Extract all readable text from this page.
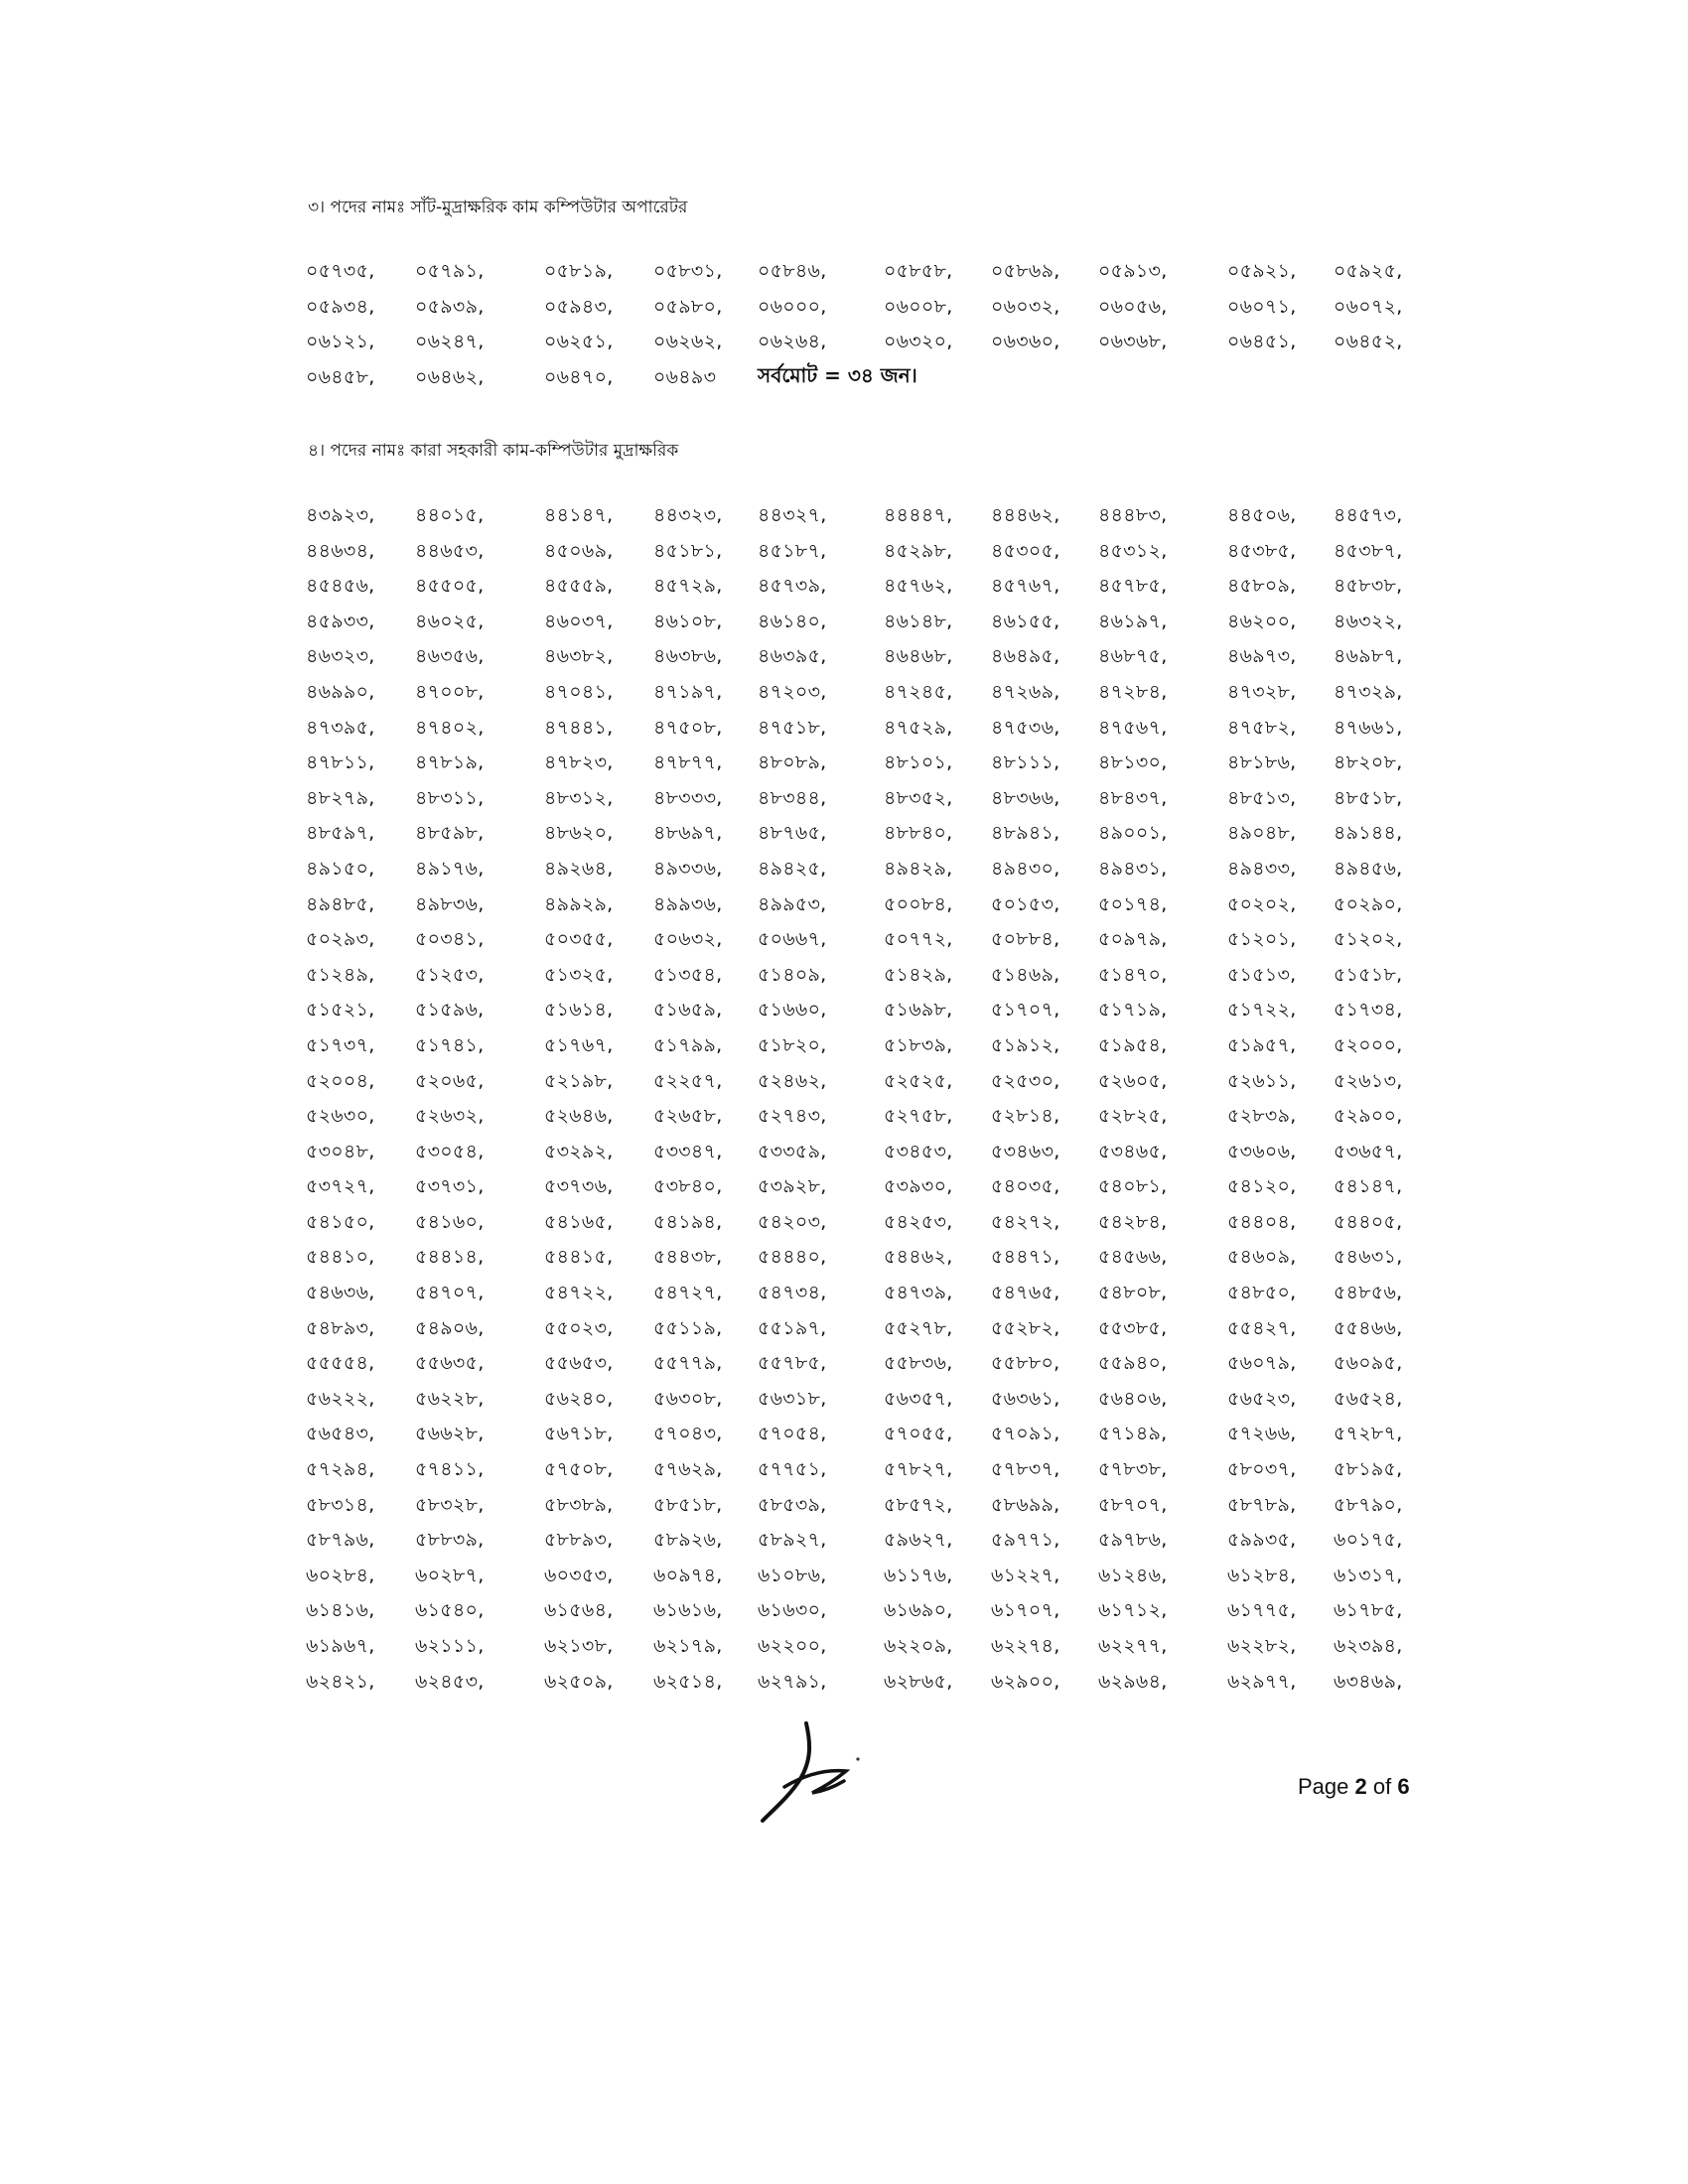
৩। পদের নামঃ সাঁট-মুদ্রাক্ষরিক কাম কম্পিউটার অপারেটর
০৫৭৩৫, ০৫৭৯১,	০৫৮১৯, ০৫৮৩১, ০৫৮৪৬,	০৫৮৫৮, ০৫৮৬৯, ০৫৯১৩,	০৫৯২১, ০৫৯২৫,
০৫৯৩৪, ০৫৯৩৯,	০৫৯৪৩, ০৫৯৮০, ০৬০০০,	০৬০০৮, ০৬০৩২, ০৬০৫৬,	০৬০৭১, ০৬০৭২,
০৬১২১, ০৬২৪৭,	০৬২৫১, ০৬২৬২, ০৬২৬৪,	০৬৩২০, ০৬৩৬০, ০৬৩৬৮,	০৬৪৫১, ০৬৪৫২,
০৬৪৫৮, ০৬৪৬২,	০৬৪৭০, ০৬৪৯৩ সর্বমোট = ৩৪ জন।
৪। পদের নামঃ কারা সহকারী কাম-কম্পিউটার মুদ্রাক্ষরিক
৪৩৯২৩, ৪৪০১৫,	৪৪১৪৭, ৪৪৩২৩, ৪৪৩২৭,	৪৪৪৪৭, ৪৪৪৬২, ৪৪৪৮৩,	৪৪৫০৬, ৪৪৫৭৩,
৪৪৬৩৪, ৪৪৬৫৩,	৪৫০৬৯, ৪৫১৮১, ৪৫১৮৭,	৪৫২৯৮, ৪৫৩০৫, ৪৫৩১২,	৪৫৩৮৫, ৪৫৩৮৭,
৪৫৪৫৬, ৪৫৫০৫,	৪৫৫৫৯, ৪৫৭২৯, ৪৫৭৩৯,	৪৫৭৬২, ৪৫৭৬৭, ৪৫৭৮৫,	৪৫৮০৯, ৪৫৮৩৮,
৪৫৯৩৩, ৪৬০২৫,	৪৬০৩৭, ৪৬১০৮, ৪৬১৪০,	৪৬১৪৮, ৪৬১৫৫, ৪৬১৯৭,	৪৬২০০, ৪৬৩২২,
৪৬৩২৩, ৪৬৩৫৬,	৪৬৩৮২, ৪৬৩৮৬, ৪৬৩৯৫,	৪৬৪৬৮, ৪৬৪৯৫, ৪৬৮৭৫,	৪৬৯৭৩, ৪৬৯৮৭,
৪৬৯৯০, ৪৭০০৮,	৪৭০৪১, ৪৭১৯৭, ৪৭২০৩,	৪৭২৪৫, ৪৭২৬৯, ৪৭২৮৪,	৪৭৩২৮, ৪৭৩২৯,
৪৭৩৯৫, ৪৭৪০২,	৪৭৪৪১, ৪৭৫০৮, ৪৭৫১৮,	৪৭৫২৯, ৪৭৫৩৬, ৪৭৫৬৭,	৪৭৫৮২, ৪৭৬৬১,
৪৭৮১১, ৪৭৮১৯,	৪৭৮২৩, ৪৭৮৭৭, ৪৮০৮৯,	৪৮১০১, ৪৮১১১, ৪৮১৩০,	৪৮১৮৬, ৪৮২০৮,
৪৮২৭৯, ৪৮৩১১,	৪৮৩১২, ৪৮৩৩৩, ৪৮৩৪৪,	৪৮৩৫২, ৪৮৩৬৬, ৪৮৪৩৭,	৪৮৫১৩, ৪৮৫১৮,
৪৮৫৯৭, ৪৮৫৯৮,	৪৮৬২০, ৪৮৬৯৭, ৪৮৭৬৫,	৪৮৮৪০, ৪৮৯৪১, ৪৯০০১,	৪৯০৪৮, ৪৯১৪৪,
৪৯১৫০, ৪৯১৭৬,	৪৯২৬৪, ৪৯৩৩৬, ৪৯৪২৫,	৪৯৪২৯, ৪৯৪৩০, ৪৯৪৩১,	৪৯৪৩৩, ৪৯৪৫৬,
৪৯৪৮৫, ৪৯৮৩৬,	৪৯৯২৯, ৪৯৯৩৬, ৪৯৯৫৩,	৫০০৮৪, ৫০১৫৩, ৫০১৭৪,	৫০২০২, ৫০২৯০,
৫০২৯৩, ৫০৩৪১,	৫০৩৫৫, ৫০৬৩২, ৫০৬৬৭,	৫০৭৭২, ৫০৮৮৪, ৫০৯৭৯,	৫১২০১, ৫১২০২,
৫১২৪৯, ৫১২৫৩,	৫১৩২৫, ৫১৩৫৪, ৫১৪০৯,	৫১৪২৯, ৫১৪৬৯, ৫১৪৭০,	৫১৫১৩, ৫১৫১৮,
৫১৫২১, ৫১৫৯৬,	৫১৬১৪, ৫১৬৫৯, ৫১৬৬০,	৫১৬৯৮, ৫১৭০৭, ৫১৭১৯,	৫১৭২২, ৫১৭৩৪,
৫১৭৩৭, ৫১৭৪১,	৫১৭৬৭, ৫১৭৯৯, ৫১৮২০,	৫১৮৩৯, ৫১৯১২, ৫১৯৫৪,	৫১৯৫৭, ৫২০০০,
৫২০০৪, ৫২০৬৫,	৫২১৯৮, ৫২২৫৭, ৫২৪৬২,	৫২৫২৫, ৫২৫৩০, ৫২৬০৫,	৫২৬১১, ৫২৬১৩,
৫২৬৩০, ৫২৬৩২,	৫২৬৪৬, ৫২৬৫৮, ৫২৭৪৩,	৫২৭৫৮, ৫২৮১৪, ৫২৮২৫,	৫২৮৩৯, ৫২৯০০,
৫৩০৪৮, ৫৩০৫৪,	৫৩২৯২, ৫৩৩৪৭, ৫৩৩৫৯,	৫৩৪৫৩, ৫৩৪৬৩, ৫৩৪৬৫,	৫৩৬০৬, ৫৩৬৫৭,
৫৩৭২৭, ৫৩৭৩১,	৫৩৭৩৬, ৫৩৮৪০, ৫৩৯২৮,	৫৩৯৩০, ৫৪০৩৫, ৫৪০৮১,	৫৪১২০, ৫৪১৪৭,
৫৪১৫০, ৫৪১৬০,	৫৪১৬৫, ৫৪১৯৪, ৫৪২০৩,	৫৪২৫৩, ৫৪২৭২, ৫৪২৮৪,	৫৪৪০৪, ৫৪৪০৫,
৫৪৪১০, ৫৪৪১৪,	৫৪৪১৫, ৫৪৪৩৮, ৫৪৪৪০,	৫৪৪৬২, ৫৪৪৭১, ৫৪৫৬৬,	৫৪৬০৯, ৫৪৬৩১,
৫৪৬৩৬, ৫৪৭০৭,	৫৪৭২২, ৫৪৭২৭, ৫৪৭৩৪,	৫৪৭৩৯, ৫৪৭৬৫, ৫৪৮০৮,	৫৪৮৫০, ৫৪৮৫৬,
৫৪৮৯৩, ৫৪৯০৬,	৫৫০২৩, ৫৫১১৯, ৫৫১৯৭,	৫৫২৭৮, ৫৫২৮২, ৫৫৩৮৫,	৫৫৪২৭, ৫৫৪৬৬,
৫৫৫৫৪, ৫৫৬৩৫,	৫৫৬৫৩, ৫৫৭৭৯, ৫৫৭৮৫,	৫৫৮৩৬, ৫৫৮৮০, ৫৫৯৪০,	৫৬০৭৯, ৫৬০৯৫,
৫৬২২২, ৫৬২২৮,	৫৬২৪০, ৫৬৩০৮, ৫৬৩১৮,	৫৬৩৫৭, ৫৬৩৬১, ৫৬৪০৬,	৫৬৫২৩, ৫৬৫২৪,
৫৬৫৪৩, ৫৬৬২৮,	৫৬৭১৮, ৫৭০৪৩, ৫৭০৫৪,	৫৭০৫৫, ৫৭০৯১, ৫৭১৪৯,	৫৭২৬৬, ৫৭২৮৭,
৫৭২৯৪, ৫৭৪১১,	৫৭৫০৮, ৫৭৬২৯, ৫৭৭৫১,	৫৭৮২৭, ৫৭৮৩৭, ৫৭৮৩৮,	৫৮০৩৭, ৫৮১৯৫,
৫৮৩১৪, ৫৮৩২৮,	৫৮৩৮৯, ৫৮৫১৮, ৫৮৫৩৯,	৫৮৫৭২, ৫৮৬৯৯, ৫৮৭০৭,	৫৮৭৮৯, ৫৮৭৯০,
৫৮৭৯৬, ৫৮৮৩৯,	৫৮৮৯৩, ৫৮৯২৬, ৫৮৯২৭,	৫৯৬২৭, ৫৯৭৭১, ৫৯৭৮৬,	৫৯৯৩৫, ৬০১৭৫,
৬০২৮৪, ৬০২৮৭,	৬০৩৫৩, ৬০৯৭৪, ৬১০৮৬,	৬১১৭৬, ৬১২২৭, ৬১২৪৬,	৬১২৮৪, ৬১৩১৭,
৬১৪১৬, ৬১৫৪০,	৬১৫৬৪, ৬১৬১৬, ৬১৬৩০,	৬১৬৯০, ৬১৭০৭, ৬১৭১২,	৬১৭৭৫, ৬১৭৮৫,
৬১৯৬৭, ৬২১১১,	৬২১৩৮, ৬২১৭৯, ৬২২০০,	৬২২০৯, ৬২২৭৪, ৬২২৭৭,	৬২২৮২, ৬২৩৯৪,
৬২৪২১, ৬২৪৫৩,	৬২৫০৯, ৬২৫১৪, ৬২৭৯১,	৬২৮৬৫, ৬২৯০০, ৬২৯৬৪,	৬২৯৭৭, ৬৩৪৬৯,
Page 2 of 6
